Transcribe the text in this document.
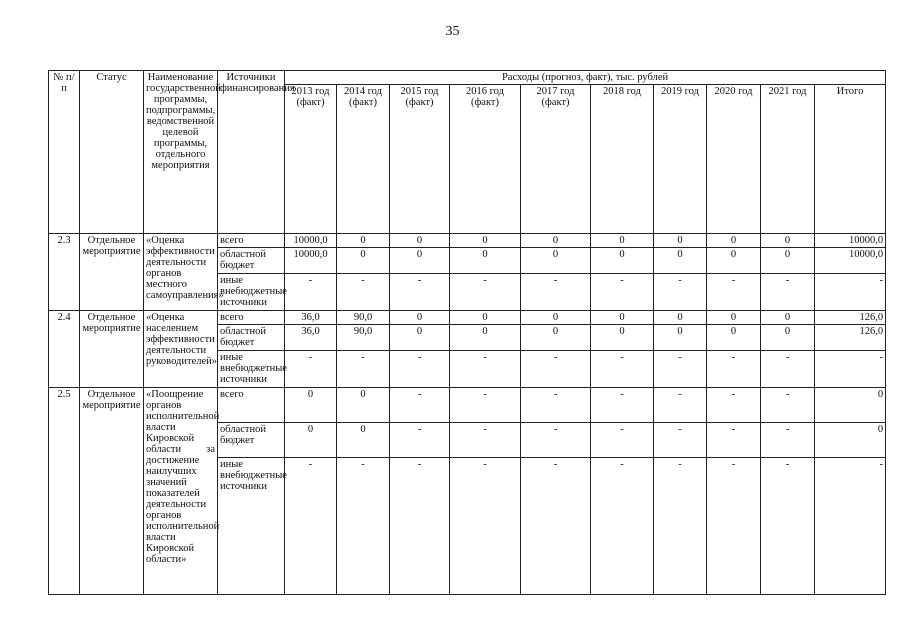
35
№ п/п	Статус	Наименование государственной программы, подпрограммы, ведомственной целевой программы, отдельного мероприятия	Источники финансирования	Расходы (прогноз, факт), тыс. рублей									
				2013 год (факт)	2014 год (факт)	2015 год (факт)	2016 год (факт)	2017 год (факт)	2018 год	2019 год	2020 год	2021 год	Итого
2.3	Отдельное мероприятие	«Оценка эффективности деятельности органов местного самоуправления»	всего	10000,0	0	0	0	0	0	0	0	0	10000,0
			областной бюджет	10000,0	0	0	0	0	0	0	0	0	10000,0
			иные внебюджетные источники	-	-	-	-	-	-	-	-	-	-
2.4	Отдельное мероприятие	«Оценка населением эффективности деятельности руководителей»	всего	36,0	90,0	0	0	0	0	0	0	0	126,0
			областной бюджет	36,0	90,0	0	0	0	0	0	0	0	126,0
			иные внебюджетные источники	-	-	-	-	-	-	-	-	-	-
2.5	Отдельное мероприятие	«Поощрение органов исполнительной власти Кировской области за достижение наилучших значений показателей деятельности органов исполнительной власти Кировской области»	всего	0	0	-	-	-	-	-	-	-	0
			областной бюджет	0	0	-	-	-	-	-	-	-	0
			иные внебюджетные источники	-	-	-	-	-	-	-	-	-	-
